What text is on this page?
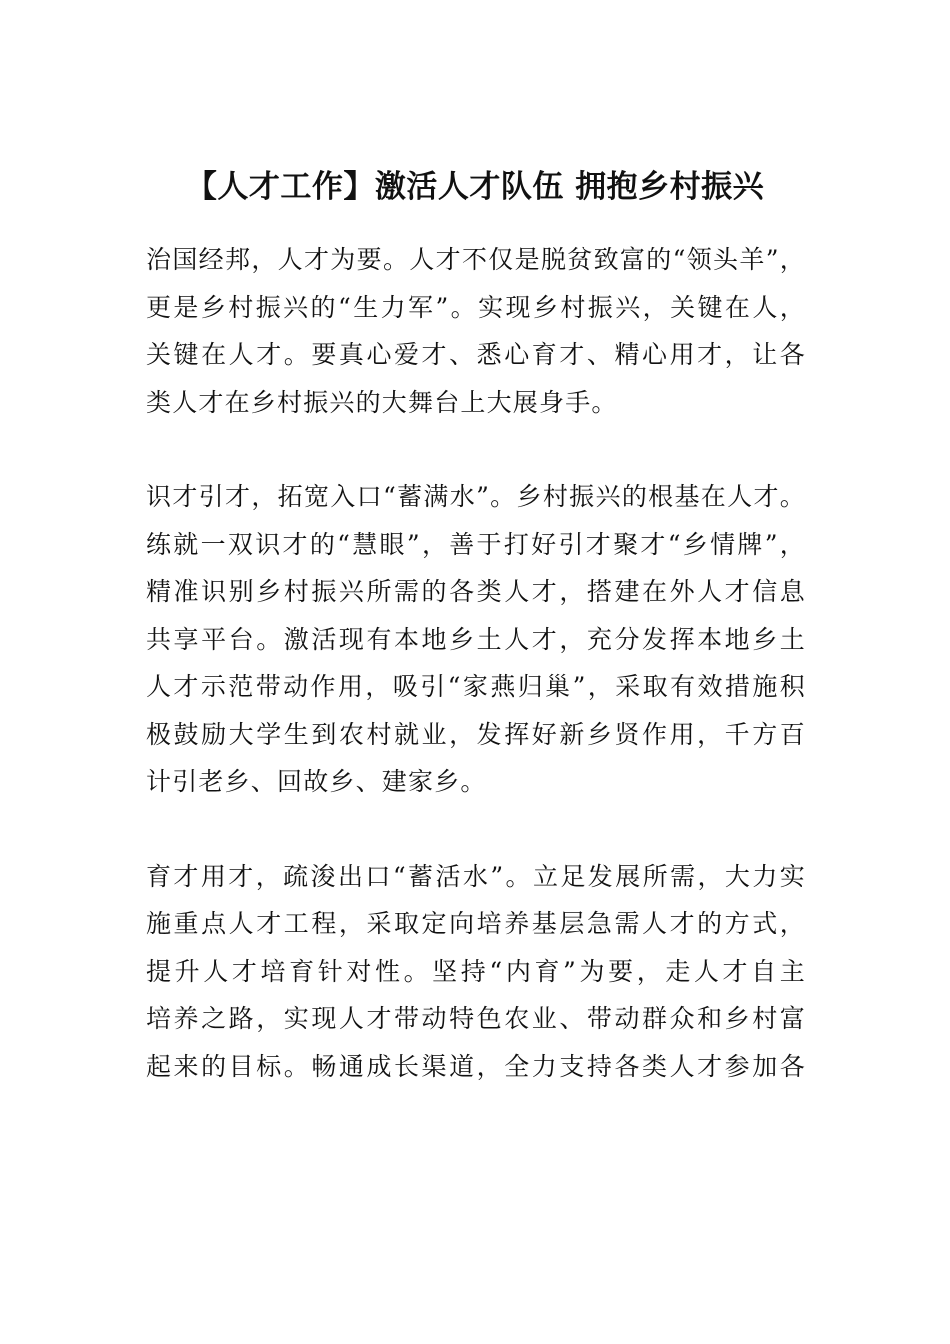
【人才工作】激活人才队伍 拥抱乡村振兴

治国经邦，人才为要。人才不仅是脱贫致富的“领头羊”，
更是乡村振兴的“生力军”。实现乡村振兴，关键在人，
关键在人才。要真心爱才、悉心育才、精心用才，让各
类人才在乡村振兴的大舞台上大展身手。

识才引才，拓宽入口“蓄满水”。乡村振兴的根基在人才。
练就一双识才的“慧眼”，善于打好引才聚才“乡情牌”，
精准识别乡村振兴所需的各类人才，搭建在外人才信息
共享平台。激活现有本地乡土人才，充分发挥本地乡土
人才示范带动作用，吸引“家燕归巢”，采取有效措施积
极鼓励大学生到农村就业，发挥好新乡贤作用，千方百
计引老乡、回故乡、建家乡。

育才用才，疏浚出口“蓄活水”。立足发展所需，大力实
施重点人才工程，采取定向培养基层急需人才的方式，
提升人才培育针对性。坚持“内育”为要，走人才自主
培养之路，实现人才带动特色农业、带动群众和乡村富
起来的目标。畅通成长渠道，全力支持各类人才参加各
